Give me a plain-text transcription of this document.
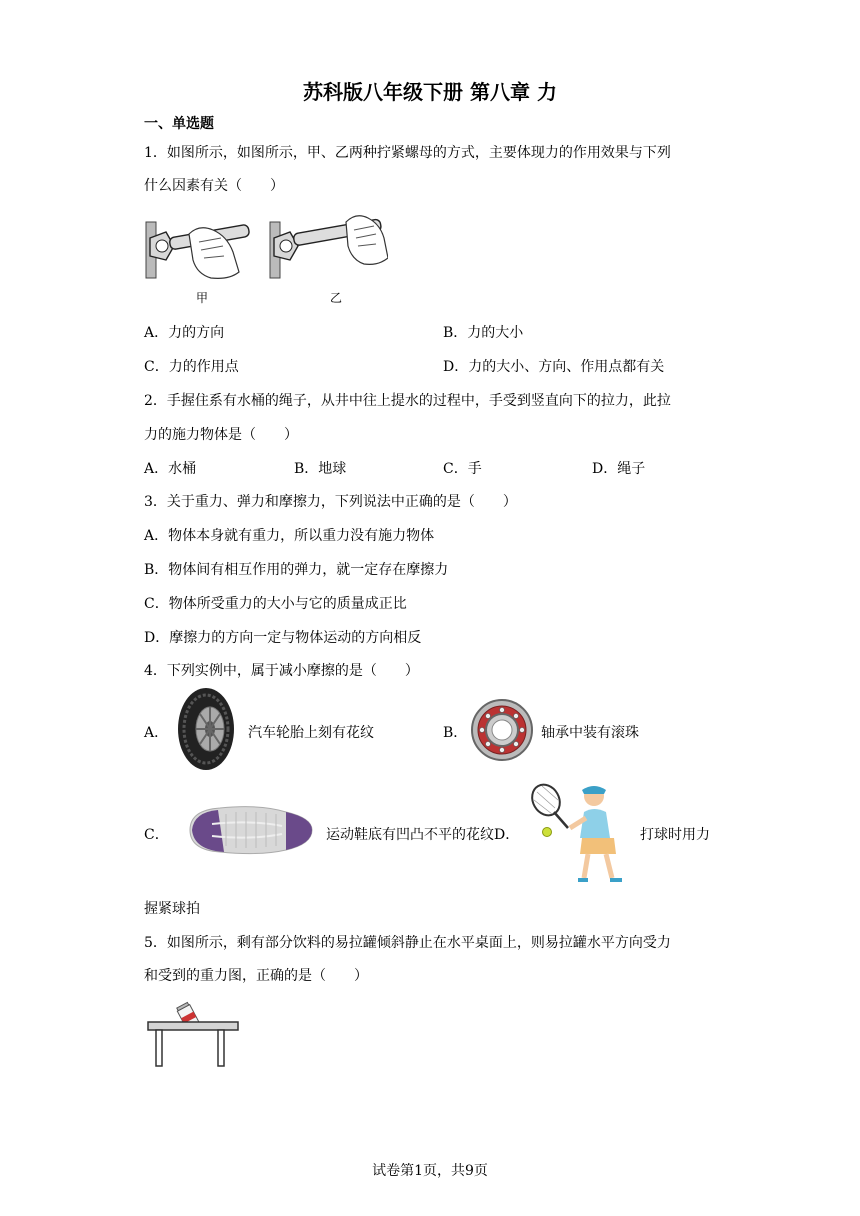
苏科版八年级下册 第八章 力
一、单选题
1．如图所示，如图所示，甲、乙两种拧紧螺母的方式，主要体现力的作用效果与下列
什么因素有关（　　）
甲	乙
A．力的方向	B．力的大小
C．力的作用点	D．力的大小、方向、作用点都有关
2．手握住系有水桶的绳子，从井中往上提水的过程中，手受到竖直向下的拉力，此拉
力的施力物体是（　　）
A．水桶	B．地球	C．手	D．绳子
3．关于重力、弹力和摩擦力，下列说法中正确的是（　　）
A．物体本身就有重力，所以重力没有施力物体
B．物体间有相互作用的弹力，就一定存在摩擦力
C．物体所受重力的大小与它的质量成正比
D．摩擦力的方向一定与物体运动的方向相反
4．下列实例中，属于减小摩擦的是（　　）
A．	汽车轮胎上刻有花纹	B．	轴承中装有滚珠
C．	运动鞋底有凹凸不平的花纹D．	打球时用力
握紧球拍
5．如图所示，剩有部分饮料的易拉罐倾斜静止在水平桌面上，则易拉罐水平方向受力
和受到的重力图，正确的是（　　）
试卷第1页，共9页
